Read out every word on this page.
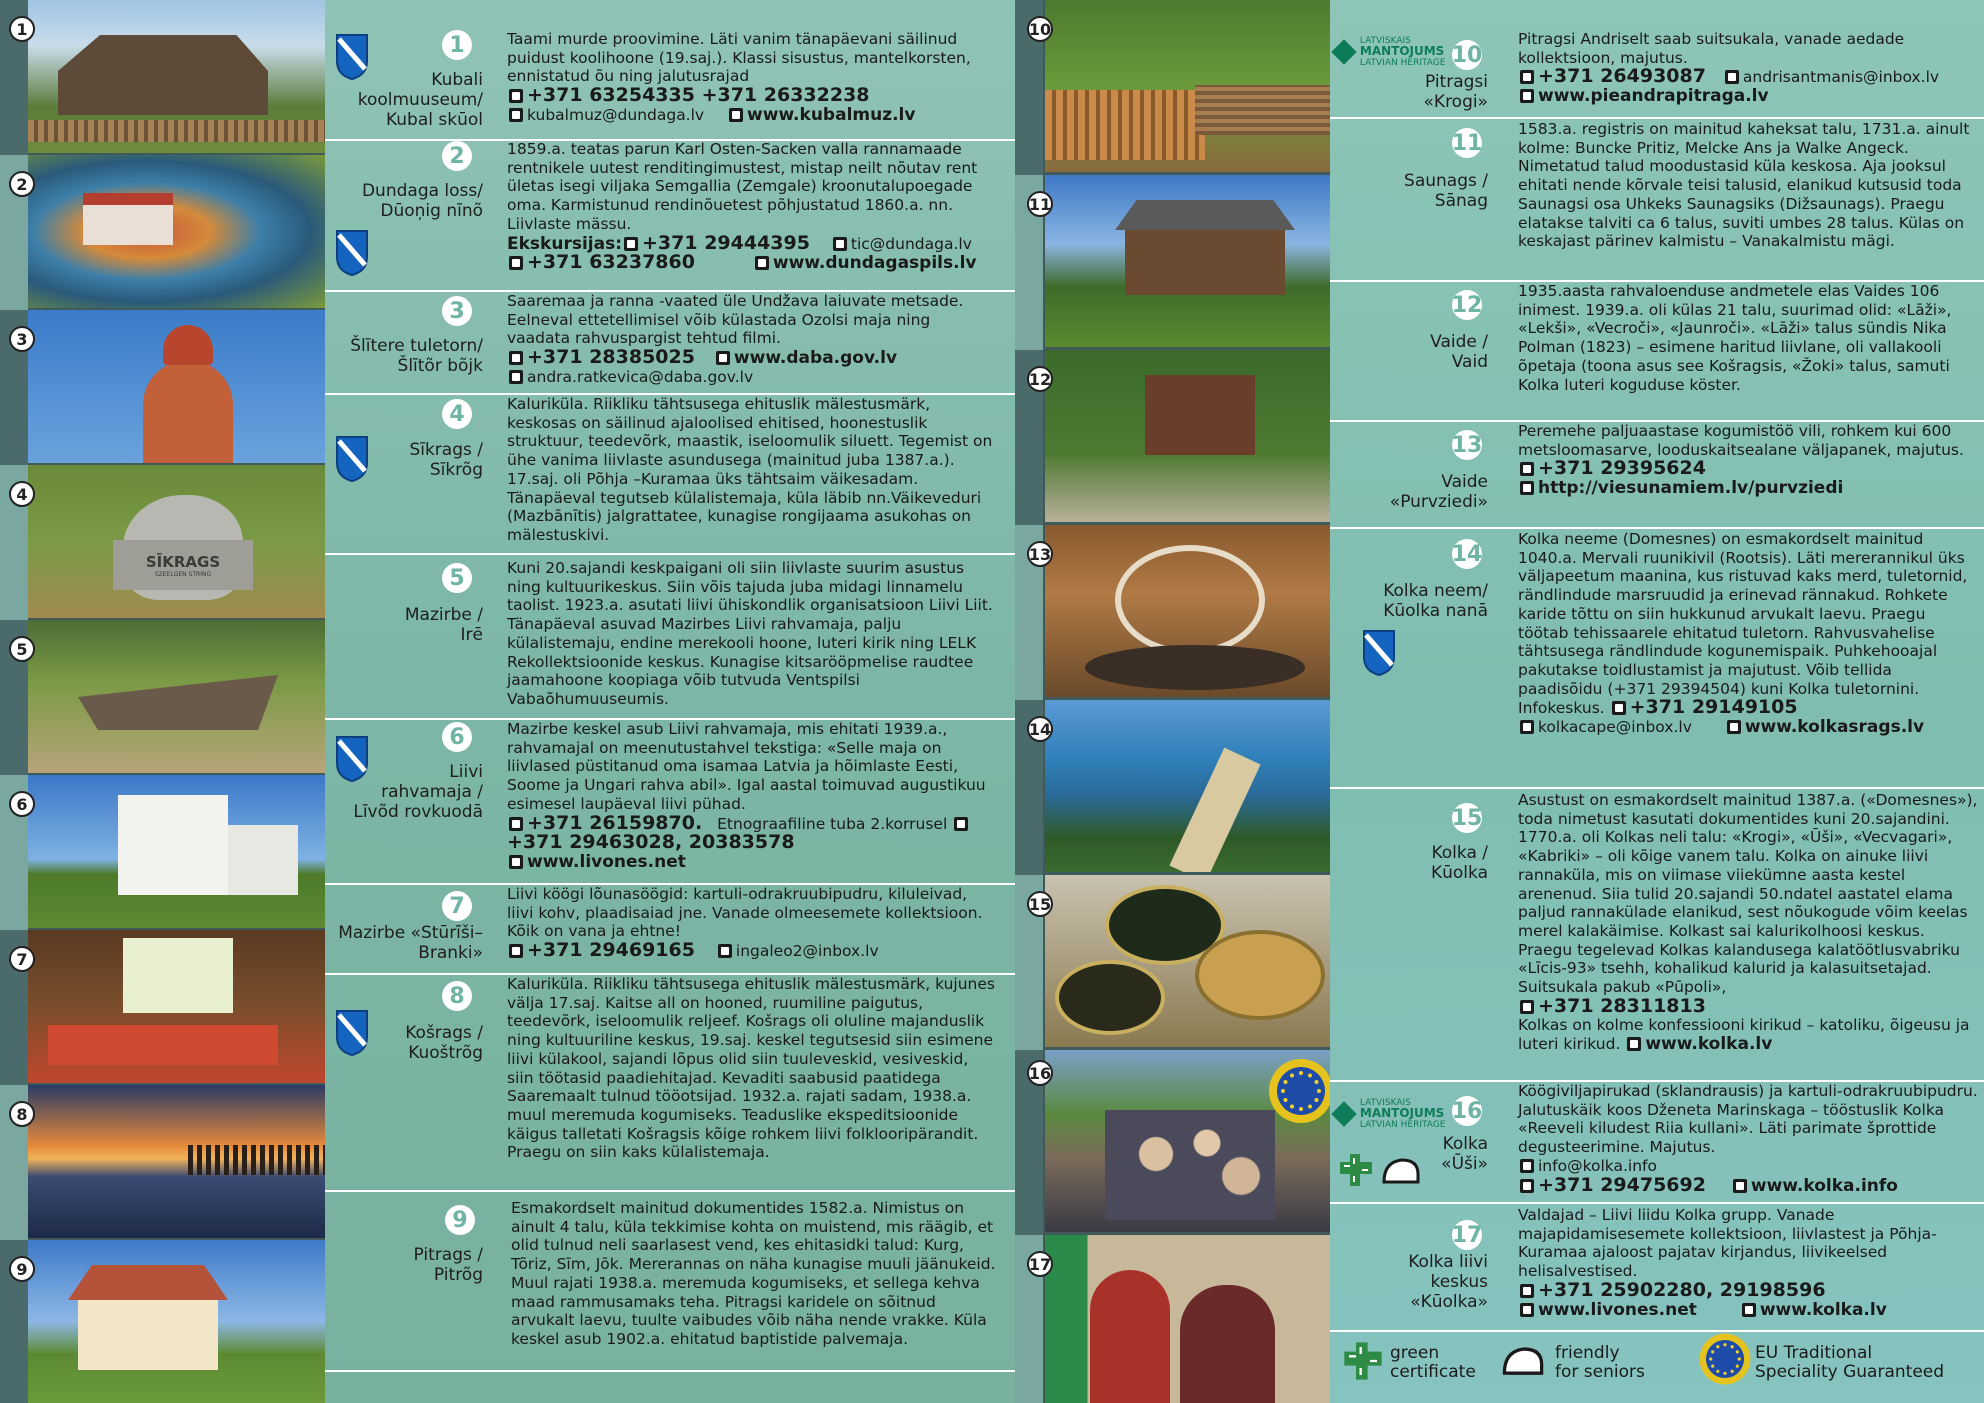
1
2
3
SĪKRAGS
SZEELGEN STRING
4
5
6
7
8
9
1
Kubali
koolmuuseum/
Kubal skūol
Taami murde proovimine. Läti vanim tänapäevani säilinud puidust koolihoone (19.saj.). Klassi sisustus, mantelkorsten, ennistatud õu ning jalutusrajad
+371 63254335 +371 26332238
kubalmuz@dundaga.lv	www.kubalmuz.lv
2
Dundaga loss/
Dūoņig nīnõ
1859.a. teatas parun Karl Osten-Sacken valla rannamaade rentnikele uutest renditingimustest, mistap neilt nõutav rent ületas isegi viljaka Semgallia (Zemgale) kroonutalupoegade oma. Karmistunud rendinõuetest põhjustatud 1860.a. nn. Liivlaste mässu.
Ekskursijas: +371 29444395	tic@dundaga.lv
+371 63237860	www.dundagaspils.lv
3
Šlītere tuletorn/
Šlītõr bõjk
Saaremaa ja ranna -vaated üle Undžava laiuvate metsade. Eelneval ettetellimisel võib külastada Ozolsi maja ning vaadata rahvuspargist tehtud filmi.
+371 28385025 www.daba.gov.lv
andra.ratkevica@daba.gov.lv
4
Sīkrags /
Sīkrõg
Kaluriküla. Riikliku tähtsusega ehituslik mälestusmärk, keskosas on säilinud ajaloolised ehitised, hoonestuslik struktuur, teedevõrk, maastik, iseloomulik siluett. Tegemist on ühe vanima liivlaste asundusega (mainitud juba 1387.a.). 17.saj. oli Põhja –Kuramaa üks tähtsaim väikesadam. Tänapäeval tegutseb külalistemaja, küla läbib nn.Väikeveduri (Mazbānītis) jalgrattatee, kunagise rongijaama asukohas on mälestuskivi.
5
Mazirbe /
Irē
Kuni 20.sajandi keskpaigani oli siin liivlaste suurim asustus ning kultuurikeskus. Siin võis tajuda juba midagi linnamelu taolist. 1923.a. asutati liivi ühiskondlik organisatsioon Liivi Liit. Tänapäeval asuvad Mazirbes Liivi rahvamaja, palju külalistemaju, endine merekooli hoone, luteri kirik ning LELK Rekollektsioonide keskus. Kunagise kitsarööpmelise raudtee jaamahoone koopiaga võib tutvuda Ventspilsi Vabaõhumuuseumis.
6
Liivi
rahvamaja /
Līvõd rovkuodā
Mazirbe keskel asub Liivi rahvamaja, mis ehitati 1939.a., rahvamajal on meenutustahvel tekstiga: «Selle maja on liivlased püstitanud oma isamaa Latvia ja hõimlaste Eesti, Soome ja Ungari rahva abil». Igal aastal toimuvad augustikuu esimesel laupäeval liivi pühad.
+371 26159870. Etnograafiline tuba 2.korrusel +371 29463028, 20383578
www.livones.net
7
Mazirbe «Stūrīši–
Branki»
Liivi köögi lõunasöögid: kartuli-odrakruubipudru, kiluleivad, liivi kohv, plaadisaiad jne. Vanade olmeesemete kollektsioon. Kõik on vana ja ehtne!
+371 29469165	ingaleo2@inbox.lv
8
Košrags /
Kuoštrõg
Kaluriküla. Riikliku tähtsusega ehituslik mälestusmärk, kujunes välja 17.saj. Kaitse all on hooned, ruumiline paigutus, teedevõrk, iseloomulik reljeef. Košrags oli oluline majanduslik ning kultuuriline keskus, 19.saj. keskel tegutsesid siin esimene liivi külakool, sajandi lõpus olid siin tuuleveskid, vesiveskid, siin töötasid paadiehitajad. Kevaditi saabusid paatidega Saaremaalt tulnud tööotsijad. 1932.a. rajati sadam, 1938.a. muul meremuda kogumiseks. Teaduslike ekspeditsioonide käigus talletati Košragsis kõige rohkem liivi folklooripärandit. Praegu on siin kaks külalistemaja.
9
Pitrags /
Pitrõg
Esmakordselt mainitud dokumentides 1582.a. Nimistus on ainult 4 talu, küla tekkimise kohta on muistend, mis räägib, et olid tulnud neli saarlasest vend, kes ehitasidki talud: Kurg, Tõriz, Sīm, Jōk. Mererannas on näha kunagise muuli jäänukeid. Muul rajati 1938.a. meremuda kogumiseks, et sellega kehva maad rammusamaks teha. Pitragsi karidele on sõitnud arvukalt laevu, tuulte vaibudes võib näha nende vrakke. Küla keskel asub 1902.a. ehitatud baptistide palvemaja.
10
11
12
13
14
15
16
17
LATVISKAIS
MANTOJUMS
LATVIAN HERITAGE 10
Pitragsi
«Krogi»
Pitragsi Andriselt saab suitsukala, vanade aedade kollektsioon, majutus.
+371 26493087 andrisantmanis@inbox.lv
www.pieandrapitraga.lv
11
Saunags /
Sānag
1583.a. registris on mainitud kaheksat talu, 1731.a. ainult kolme: Buncke Pritiz, Melcke Ans ja Walke Angeck. Nimetatud talud moodustasid küla keskosa. Aja jooksul ehitati nende kõrvale teisi talusid, elanikud kutsusid toda Saunagsi osa Uhkeks Saunagsiks (Dižsaunags). Praegu elatakse talviti ca 6 talus, suviti umbes 28 talus. Külas on keskajast pärinev kalmistu – Vanakalmistu mägi.
12
Vaide /
Vaid
1935.aasta rahvaloenduse andmetele elas Vaides 106 inimest. 1939.a. oli külas 21 talu, suurimad olid: «Lāži», «Lekši», «Vecroči», «Jaunroči». «Lāži» talus sündis Nika Polman (1823) – esimene haritud liivlane, oli vallakooli õpetaja (toona asus see Košragsis, «Žoki» talus, samuti Kolka luteri koguduse köster.
13
Vaide
«Purvziedi»
Peremehe paljuaastase kogumistöö vili, rohkem kui 600 metsloomasarve, looduskaitsealane väljapanek, majutus.
+371 29395624
http://viesunamiem.lv/purvziedi
14
Kolka neem/
Kūolka nanā
Kolka neeme (Domesnes) on esmakordselt mainitud 1040.a. Mervali ruunikivil (Rootsis). Läti mererannikul üks väljapeetum maanina, kus ristuvad kaks merd, tuletornid, rändlindude marsruudid ja erinevad rännakud. Rohkete karide tõttu on siin hukkunud arvukalt laevu. Praegu töötab tehissaarele ehitatud tuletorn. Rahvusvahelise tähtsusega rändlindude kogunemispaik. Puhkehooajal pakutakse toidlustamist ja majutust. Võib tellida paadisõidu (+371 29394504) kuni Kolka tuletornini. Infokeskus. +371 29149105
kolkacape@inbox.lv	www.kolkasrags.lv
15
Kolka /
Kūolka
Asustust on esmakordselt mainitud 1387.a. («Domesnes»), toda nimetust kasutati dokumentides kuni 20.sajandini. 1770.a. oli Kolkas neli talu: «Krogi», «Ūši», «Vecvagari», «Kabriki» – oli kõige vanem talu. Kolka on ainuke liivi rannaküla, mis on viimase viiekümne aasta kestel arenenud. Siia tulid 20.sajandi 50.ndatel aastatel elama paljud rannakülade elanikud, sest nõukogude võim keelas merel kalakäimise. Kolkast sai kalurikolhoosi keskus. Praegu tegelevad Kolkas kalandusega kalatöötlusvabriku «Līcis-93» tsehh, kohalikud kalurid ja kalasuitsetajad. Suitsukala pakub «Pūpoli»,
+371 28311813
Kolkas on kolme konfessiooni kirikud – katoliku, õigeusu ja luteri kirikud. www.kolka.lv
LATVISKAIS
MANTOJUMS
LATVIAN HERITAGE
16
Kolka
«Ūši»
Köögiviljapirukad (sklandrausis) ja kartuli-odrakruubipudru. Jalutuskäik koos Dženeta Marinskaga – tööstuslik Kolka «Reeveli kiludest Riia kullani». Läti parimate šprottide degusteerimine. Majutus.
info@kolka.info
+371 29475692	www.kolka.info
17
Kolka liivi
keskus
«Kūolka»
Valdajad – Liivi liidu Kolka grupp. Vanade majapidamisesemete kollektsioon, liivlastest ja Põhja-Kuramaa ajaloost pajatav kirjandus, liivikeelsed helisalvestised.
+371 25902280, 29198596
www.livones.net	www.kolka.lv
green
certificate
friendly
for seniors
EU Traditional
Speciality Guaranteed
